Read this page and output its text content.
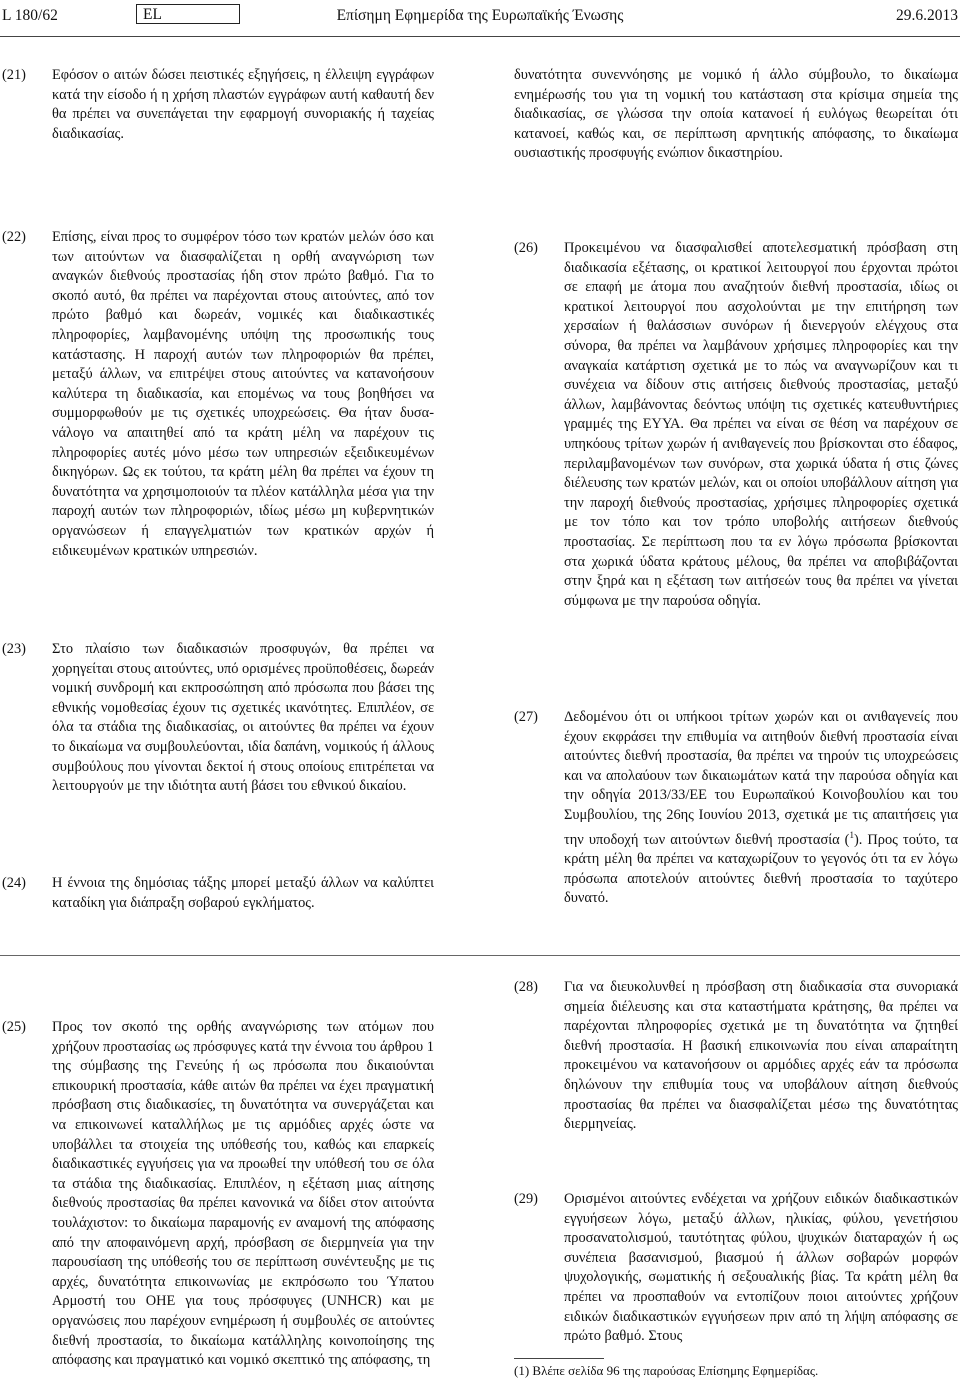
L 180/62	EL	Επίσημη Εφημερίδα της Ευρωπαϊκής Ένωσης	29.6.2013
(21) Εφόσον ο αιτών δώσει πειστικές εξηγήσεις, η έλλειψη εγγράφων κατά την είσοδο ή η χρήση πλαστών εγγράφων αυτή καθαυτή δεν θα πρέπει να συνεπάγεται την εφαρμογή συνοριακής ή ταχείας διαδικασίας.
(22) Επίσης, είναι προς το συμφέρον τόσο των κρατών μελών όσο και των αιτούντων να διασφαλίζεται η ορθή αναγνώριση των αναγκών διεθνούς προστασίας ήδη στον πρώτο βαθμό. Για το σκοπό αυτό, θα πρέπει να παρέχονται στους αιτούντες, από τον πρώτο βαθμό και δωρεάν, νομικές και διαδικαστικές πληροφορίες, λαμβανομένης υπόψη της προσωπικής τους κατάστασης. Η παροχή αυτών των πληροφοριών θα πρέπει, μεταξύ άλλων, να επιτρέψει στους αιτούντες να κατανοήσουν καλύτερα τη διαδικασία, και επομένως να τους βοηθήσει να συμμορφωθούν με τις σχετικές υποχρεώσεις. Θα ήταν δυσανάλογο να απαιτηθεί από τα κράτη μέλη να παρέχουν τις πληροφορίες αυτές μόνο μέσω των υπηρεσιών εξειδικευμένων δικηγόρων. Ως εκ τούτου, τα κράτη μέλη θα πρέπει να έχουν τη δυνατότητα να χρησιμοποιούν τα πλέον κατάλληλα μέσα για την παροχή αυτών των πληροφοριών, ιδίως μέσω μη κυβερνητικών οργανώσεων ή επαγγελματιών των κρατικών αρχών ή ειδικευμένων κρατικών υπηρεσιών.
(23) Στο πλαίσιο των διαδικασιών προσφυγών, θα πρέπει να χορηγείται στους αιτούντες, υπό ορισμένες προϋποθέσεις, δωρεάν νομική συνδρομή και εκπροσώπηση από πρόσωπα που βάσει της εθνικής νομοθεσίας έχουν τις σχετικές ικανότητες. Επιπλέον, σε όλα τα στάδια της διαδικασίας, οι αιτούντες θα πρέπει να έχουν το δικαίωμα να συμβουλεύονται, ιδία δαπάνη, νομικούς ή άλλους συμβούλους που γίνονται δεκτοί ή στους οποίους επιτρέπεται να λειτουργούν με την ιδιότητα αυτή βάσει του εθνικού δικαίου.
(24) Η έννοια της δημόσιας τάξης μπορεί μεταξύ άλλων να καλύπτει καταδίκη για διάπραξη σοβαρού εγκλήματος.
(25) Προς τον σκοπό της ορθής αναγνώρισης των ατόμων που χρήζουν προστασίας ως πρόσφυγες κατά την έννοια του άρθρου 1 της σύμβασης της Γενεύης ή ως πρόσωπα που δικαιούνται επικουρική προστασία, κάθε αιτών θα πρέπει να έχει πραγματική πρόσβαση στις διαδικασίες, τη δυνατότητα να συνεργάζεται και να επικοινωνεί καταλλήλως με τις αρμόδιες αρχές ώστε να υποβάλλει τα στοιχεία της υπόθεσής του, καθώς και επαρκείς διαδικαστικές εγγυήσεις για να προωθεί την υπόθεσή του σε όλα τα στάδια της διαδικασίας. Επιπλέον, η εξέταση μιας αίτησης διεθνούς προστασίας θα πρέπει κανονικά να δίδει στον αιτούντα τουλάχιστον: το δικαίωμα παραμονής εν αναμονή της απόφασης από την αποφαινόμενη αρχή, πρόσβαση σε διερμηνεία για την παρουσίαση της υπόθεσής του σε περίπτωση συνέντευξης με τις αρχές, δυνατότητα επικοινωνίας με εκπρόσωπο του Ύπατου Αρμοστή του ΟΗΕ για τους πρόσφυγες (UNHCR) και με οργανώσεις που παρέχουν ενημέρωση ή συμβουλές σε αιτούντες διεθνή προστασία, το δικαίωμα κατάλληλης κοινοποίησης της απόφασης και πραγματικό και νομικό σκεπτικό της απόφασης, τη
δυνατότητα συνεννόησης με νομικό ή άλλο σύμβουλο, το δικαίωμα ενημέρωσής του για τη νομική του κατάσταση στα κρίσιμα σημεία της διαδικασίας, σε γλώσσα την οποία κατανοεί ή ευλόγως θεωρείται ότι κατανοεί, καθώς και, σε περίπτωση αρνητικής απόφασης, το δικαίωμα ουσιαστικής προσφυγής ενώπιον δικαστηρίου.
(26) Προκειμένου να διασφαλισθεί αποτελεσματική πρόσβαση στη διαδικασία εξέτασης, οι κρατικοί λειτουργοί που έρχονται πρώτοι σε επαφή με άτομα που αναζητούν διεθνή προστασία, ιδίως οι κρατικοί λειτουργοί που ασχολούνται με την επιτήρηση των χερσαίων ή θαλάσσιων συνόρων ή διενεργούν ελέγχους στα σύνορα, θα πρέπει να λαμβάνουν χρήσιμες πληροφορίες και την αναγκαία κατάρτιση σχετικά με το πώς να αναγνωρίζουν και τι συνέχεια να δίδουν στις αιτήσεις διεθνούς προστασίας, μεταξύ άλλων, λαμβάνοντας δεόντως υπόψη τις σχετικές κατευθυντήριες γραμμές της ΕΥΥΑ. Θα πρέπει να είναι σε θέση να παρέχουν σε υπηκόους τρίτων χωρών ή ανιθαγενείς που βρίσκονται στο έδαφος, περιλαμβανομένων των συνόρων, στα χωρικά ύδατα ή στις ζώνες διέλευσης των κρατών μελών, και οι οποίοι υποβάλλουν αίτηση για την παροχή διεθνούς προστασίας, χρήσιμες πληροφορίες σχετικά με τον τόπο και τον τρόπο υποβολής αιτήσεων διεθνούς προστασίας. Σε περίπτωση που τα εν λόγω πρόσωπα βρίσκονται στα χωρικά ύδατα κράτους μέλους, θα πρέπει να αποβιβάζονται στην ξηρά και η εξέταση των αιτήσεών τους θα πρέπει να γίνεται σύμφωνα με την παρούσα οδηγία.
(27) Δεδομένου ότι οι υπήκοοι τρίτων χωρών και οι ανιθαγενείς που έχουν εκφράσει την επιθυμία να αιτηθούν διεθνή προστασία είναι αιτούντες διεθνή προστασία, θα πρέπει να τηρούν τις υποχρεώσεις και να απολαύουν των δικαιωμάτων κατά την παρούσα οδηγία και την οδηγία 2013/33/ΕΕ του Ευρωπαϊκού Κοινοβουλίου και του Συμβουλίου, της 26ης Ιουνίου 2013, σχετικά με τις απαιτήσεις για την υποδοχή των αιτούντων διεθνή προστασία ($^1$). Προς τούτο, τα κράτη μέλη θα πρέπει να καταχωρίζουν το γεγονός ότι τα εν λόγω πρόσωπα αποτελούν αιτούντες διεθνή προστασία το ταχύτερο δυνατό.
(28) Για να διευκολυνθεί η πρόσβαση στη διαδικασία στα συνοριακά σημεία διέλευσης και στα καταστήματα κράτησης, θα πρέπει να παρέχονται πληροφορίες σχετικά με τη δυνατότητα να ζητηθεί διεθνή προστασία. Η βασική επικοινωνία που είναι απαραίτητη προκειμένου να κατανοήσουν οι αρμόδιες αρχές εάν τα πρόσωπα δηλώνουν την επιθυμία τους να υποβάλουν αίτηση διεθνούς προστασίας θα πρέπει να διασφαλίζεται μέσω της δυνατότητας διερμηνείας.
(29) Ορισμένοι αιτούντες ενδέχεται να χρήζουν ειδικών διαδικαστικών εγγυήσεων λόγω, μεταξύ άλλων, ηλικίας, φύλου, γενετήσιου προσανατολισμού, ταυτότητας φύλου, ψυχικών διαταραχών ή ως συνέπεια βασανισμού, βιασμού ή άλλων σοβαρών μορφών ψυχολογικής, σωματικής ή σεξουαλικής βίας. Τα κράτη μέλη θα πρέπει να προσπαθούν να εντοπίζουν ποιοι αιτούντες χρήζουν ειδικών διαδικαστικών εγγυήσεων πριν από τη λήψη απόφασης σε πρώτο βαθμό. Στους
(1) Βλέπε σελίδα 96 της παρούσας Επίσημης Εφημερίδας.
